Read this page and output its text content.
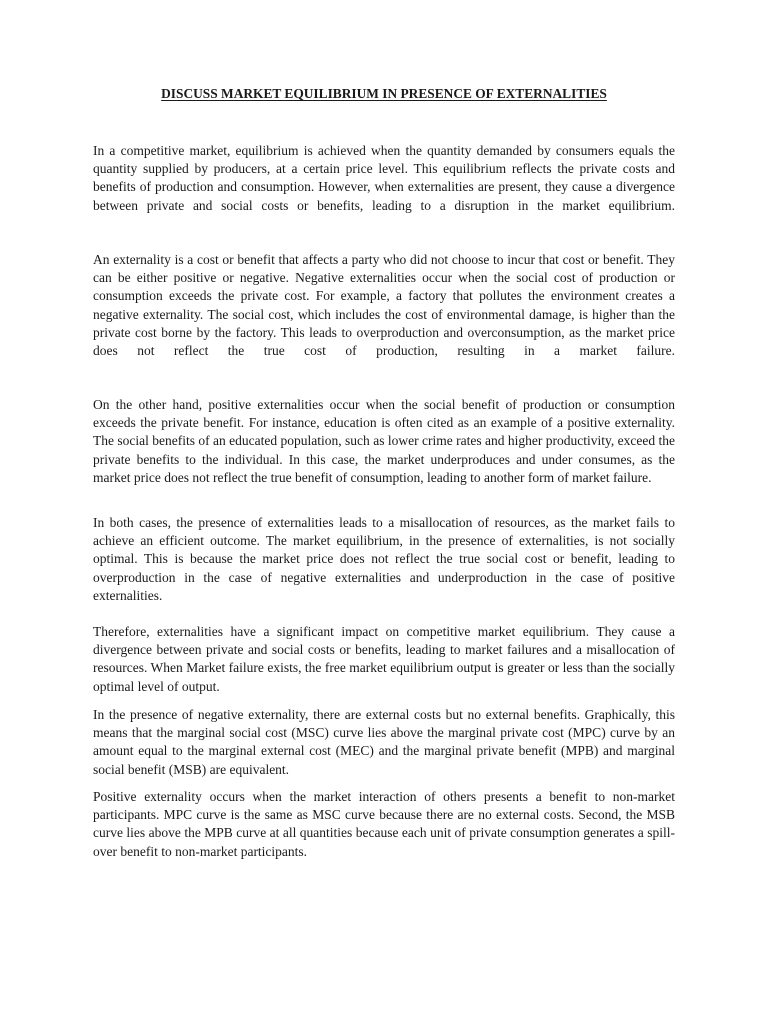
DISCUSS MARKET EQUILIBRIUM IN PRESENCE OF EXTERNALITIES

In a competitive market, equilibrium is achieved when the quantity demanded by consumers equals the quantity supplied by producers, at a certain price level. This equilibrium reflects the private costs and benefits of production and consumption. However, when externalities are present, they cause a divergence between private and social costs or benefits, leading to a disruption in the market equilibrium.

An externality is a cost or benefit that affects a party who did not choose to incur that cost or benefit. They can be either positive or negative. Negative externalities occur when the social cost of production or consumption exceeds the private cost. For example, a factory that pollutes the environment creates a negative externality. The social cost, which includes the cost of environmental damage, is higher than the private cost borne by the factory. This leads to overproduction and overconsumption, as the market price does not reflect the true cost of production, resulting in a market failure.

On the other hand, positive externalities occur when the social benefit of production or consumption exceeds the private benefit. For instance, education is often cited as an example of a positive externality. The social benefits of an educated population, such as lower crime rates and higher productivity, exceed the private benefits to the individual. In this case, the market underproduces and under consumes, as the market price does not reflect the true benefit of consumption, leading to another form of market failure.

In both cases, the presence of externalities leads to a misallocation of resources, as the market fails to achieve an efficient outcome. The market equilibrium, in the presence of externalities, is not socially optimal. This is because the market price does not reflect the true social cost or benefit, leading to overproduction in the case of negative externalities and underproduction in the case of positive externalities.

Therefore, externalities have a significant impact on competitive market equilibrium. They cause a divergence between private and social costs or benefits, leading to market failures and a misallocation of resources. When Market failure exists, the free market equilibrium output is greater or less than the socially optimal level of output.

In the presence of negative externality, there are external costs but no external benefits. Graphically, this means that the marginal social cost (MSC) curve lies above the marginal private cost (MPC) curve by an amount equal to the marginal external cost (MEC) and the marginal private benefit (MPB) and marginal social benefit (MSB) are equivalent.

Positive externality occurs when the market interaction of others presents a benefit to non-market participants. MPC curve is the same as MSC curve because there are no external costs. Second, the MSB curve lies above the MPB curve at all quantities because each unit of private consumption generates a spill-over benefit to non-market participants.
